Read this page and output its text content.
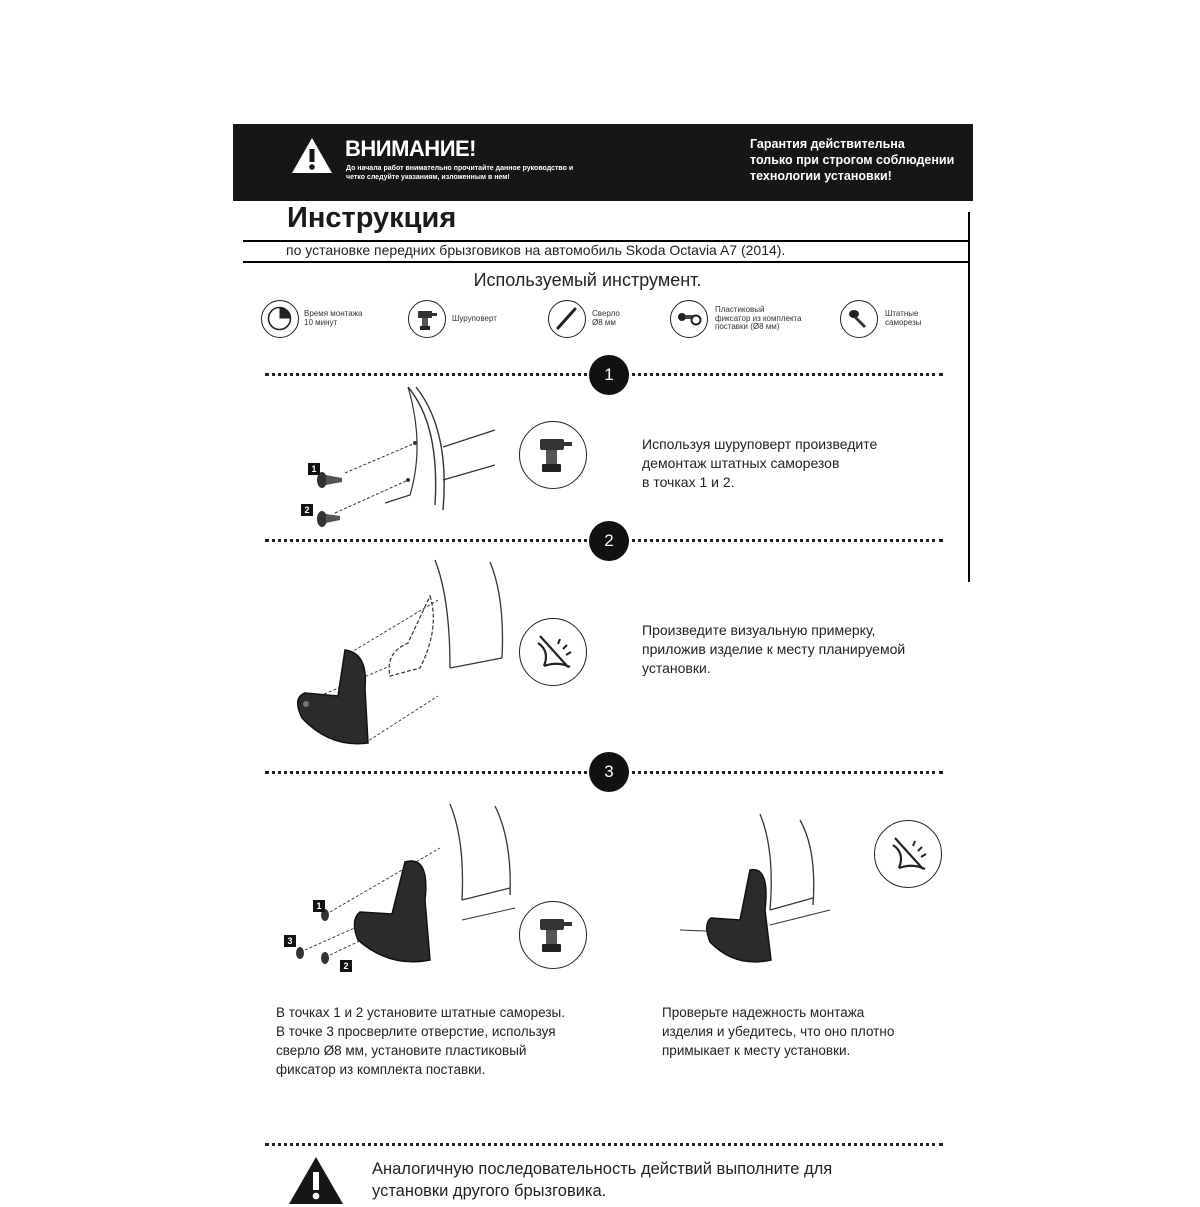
ВНИМАНИЕ!
До начала работ внимательно прочитайте данное руководство и четко следуйте указаниям, изложенным в нем!
Гарантия действительна
только при строгом соблюдении
технологии установки!
Инструкция
по установке передних брызговиков на автомобиль Skoda Octavia A7 (2014).
Используемый инструмент.
Время монтажа
10 минут	Шуруповерт
Сверло
Ø8 мм
Пластиковый
фиксатор из комплекта
поставки (Ø8 мм)
Штатные
саморезы
1
1
2
Используя шуруповерт произведите
демонтаж штатных саморезов
в точках 1 и 2.
2
Произведите визуальную примерку,
приложив изделие к месту планируемой
установки.
3
1
3
2
В точках 1 и 2 установите штатные саморезы.
В точке 3 просверлите отверстие, используя
сверло Ø8 мм, установите пластиковый
фиксатор из комплекта поставки.
Проверьте надежность монтажа
изделия и убедитесь, что оно плотно
примыкает к месту установки.
Аналогичную последовательность действий выполните для
установки другого брызговика.
